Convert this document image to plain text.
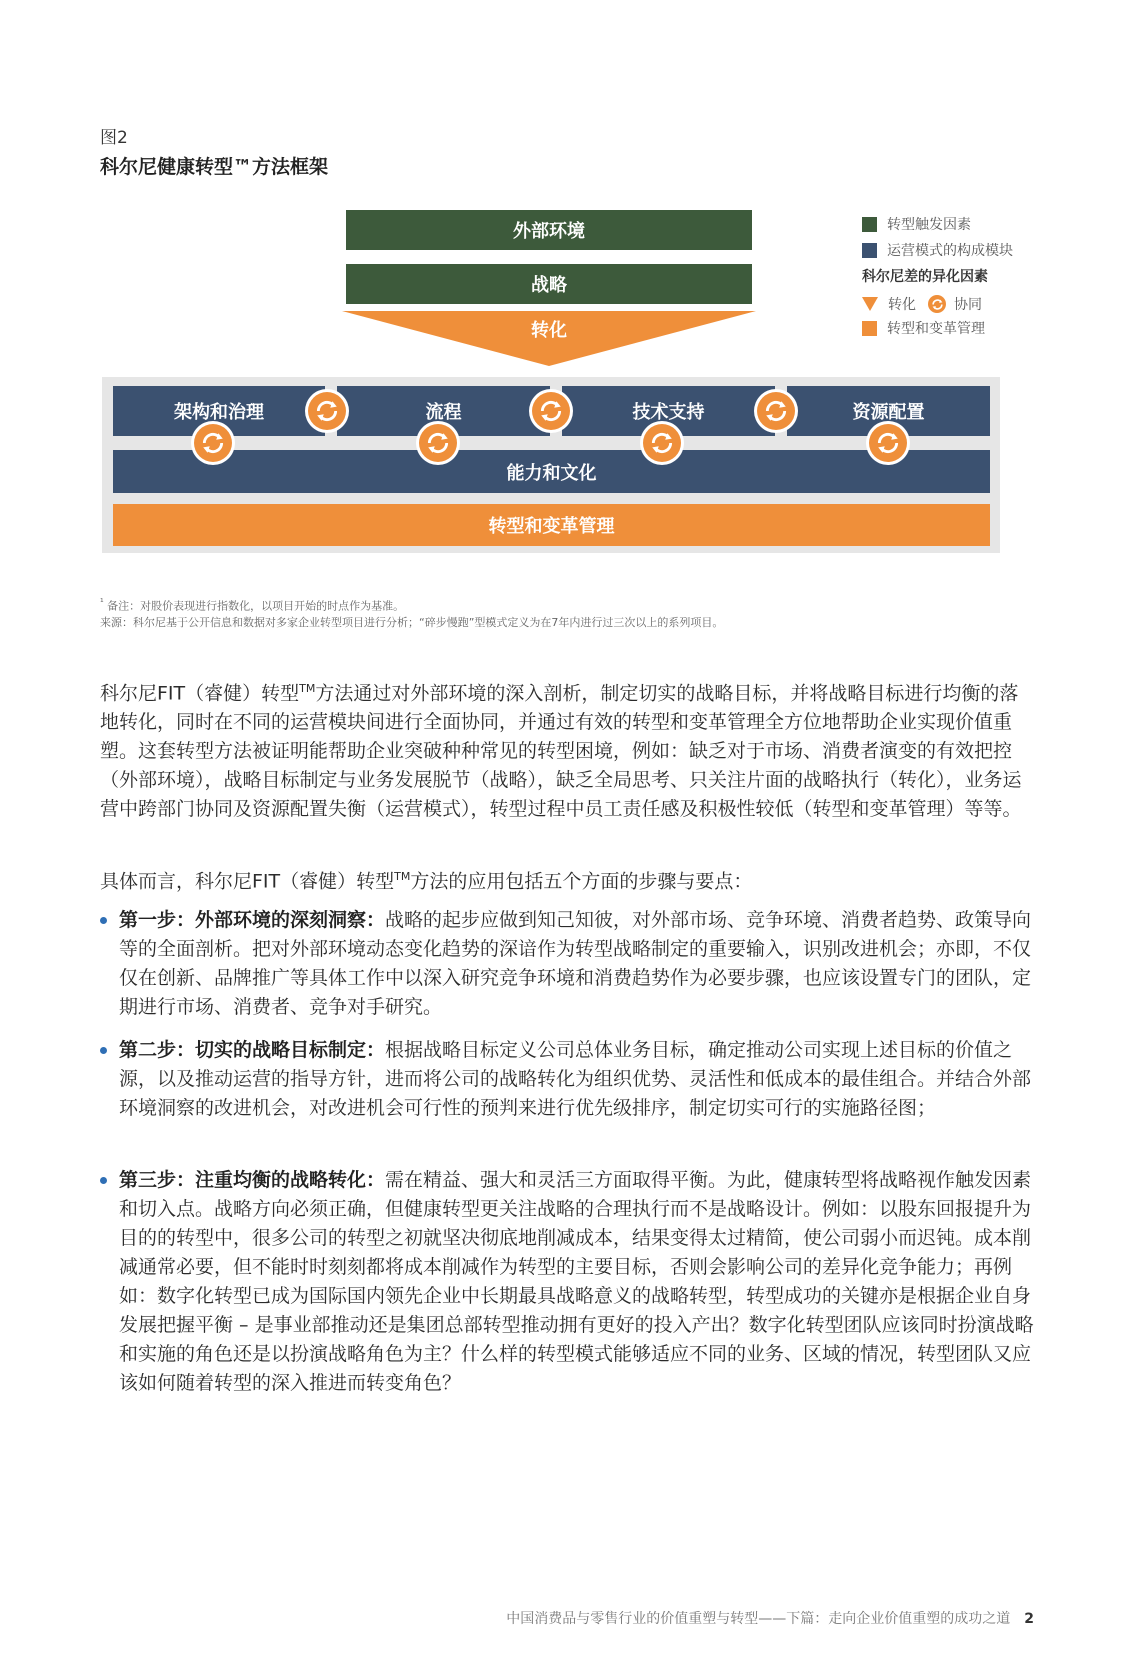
图2
科尔尼健康转型™方法框架
外部环境
战略
转化
架构和治理	流程	技术支持	资源配置
能力和文化
转型和变革管理
转型触发因素
运营模式的构成模块
科尔尼差的异化因素
转化	协同
转型和变革管理
$^{^1}$ 备注：对股价表现进行指数化，以项目开始的时点作为基准。
来源：科尔尼基于公开信息和数据对多家企业转型项目进行分析；“碎步慢跑”型模式定义为在7年内进行过三次以上的系列项目。

科尔尼FIT（睿健）转型™方法通过对外部环境的深入剖析，制定切实的战略目标，并将战略目标进行均衡的落地转化，同时在不同的运营模块间进行全面协同，并通过有效的转型和变革管理全方位地帮助企业实现价值重塑。这套转型方法被证明能帮助企业突破种种常见的转型困境，例如：缺乏对于市场、消费者演变的有效把控（外部环境），战略目标制定与业务发展脱节（战略），缺乏全局思考、只关注片面的战略执行（转化），业务运营中跨部门协同及资源配置失衡（运营模式），转型过程中员工责任感及积极性较低（转型和变革管理）等等。

具体而言，科尔尼FIT（睿健）转型™方法的应用包括五个方面的步骤与要点：

第一步：外部环境的深刻洞察：战略的起步应做到知己知彼，对外部市场、竞争环境、消费者趋势、政策导向等的全面剖析。把对外部环境动态变化趋势的深谙作为转型战略制定的重要输入，识别改进机会；亦即，不仅仅在创新、品牌推广等具体工作中以深入研究竞争环境和消费趋势作为必要步骤，也应该设置专门的团队，定期进行市场、消费者、竞争对手研究。
第二步：切实的战略目标制定：根据战略目标定义公司总体业务目标，确定推动公司实现上述目标的价值之源，以及推动运营的指导方针，进而将公司的战略转化为组织优势、灵活性和低成本的最佳组合。并结合外部环境洞察的改进机会，对改进机会可行性的预判来进行优先级排序，制定切实可行的实施路径图；
第三步：注重均衡的战略转化：需在精益、强大和灵活三方面取得平衡。为此，健康转型将战略视作触发因素和切入点。战略方向必须正确，但健康转型更关注战略的合理执行而不是战略设计。例如：以股东回报提升为目的的转型中，很多公司的转型之初就坚决彻底地削减成本，结果变得太过精简，使公司弱小而迟钝。成本削减通常必要，但不能时时刻刻都将成本削减作为转型的主要目标，否则会影响公司的差异化竞争能力；再例如：数字化转型已成为国际国内领先企业中长期最具战略意义的战略转型，转型成功的关键亦是根据企业自身发展把握平衡 – 是事业部推动还是集团总部转型推动拥有更好的投入产出？数字化转型团队应该同时扮演战略和实施的角色还是以扮演战略角色为主？什么样的转型模式能够适应不同的业务、区域的情况，转型团队又应该如何随着转型的深入推进而转变角色？
中国消费品与零售行业的价值重塑与转型——下篇：走向企业价值重塑的成功之道 2
